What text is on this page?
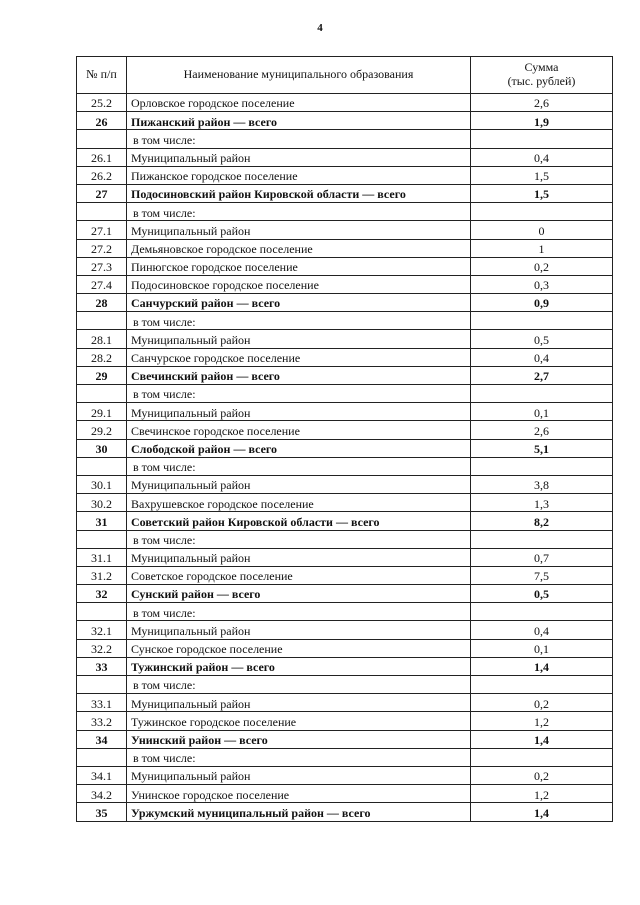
4
№ п/п	Наименование муниципального образования	Сумма
(тыс. рублей)

25.2	Орловское городское поселение	2,6
26	Пижанский район — всего	1,9
	в том числе:	
26.1	Муниципальный район	0,4
26.2	Пижанское городское поселение	1,5
27	Подосиновский район Кировской области — всего	1,5
	в том числе:	
27.1	Муниципальный район	0
27.2	Демьяновское городское поселение	1
27.3	Пинюгское городское поселение	0,2
27.4	Подосиновское городское поселение	0,3
28	Санчурский район — всего	0,9
	в том числе:	
28.1	Муниципальный район	0,5
28.2	Санчурское городское поселение	0,4
29	Свечинский район — всего	2,7
	в том числе:	
29.1	Муниципальный район	0,1
29.2	Свечинское городское поселение	2,6
30	Слободской район — всего	5,1
	в том числе:	
30.1	Муниципальный район	3,8
30.2	Вахрушевское городское поселение	1,3
31	Советский район Кировской области — всего	8,2
	в том числе:	
31.1	Муниципальный район	0,7
31.2	Советское городское поселение	7,5
32	Сунский район — всего	0,5
	в том числе:	
32.1	Муниципальный район	0,4
32.2	Сунское городское поселение	0,1
33	Тужинский район — всего	1,4
	в том числе:	
33.1	Муниципальный район	0,2
33.2	Тужинское городское поселение	1,2
34	Унинский район — всего	1,4
	в том числе:	
34.1	Муниципальный район	0,2
34.2	Унинское городское поселение	1,2
35	Уржумский муниципальный район — всего	1,4
